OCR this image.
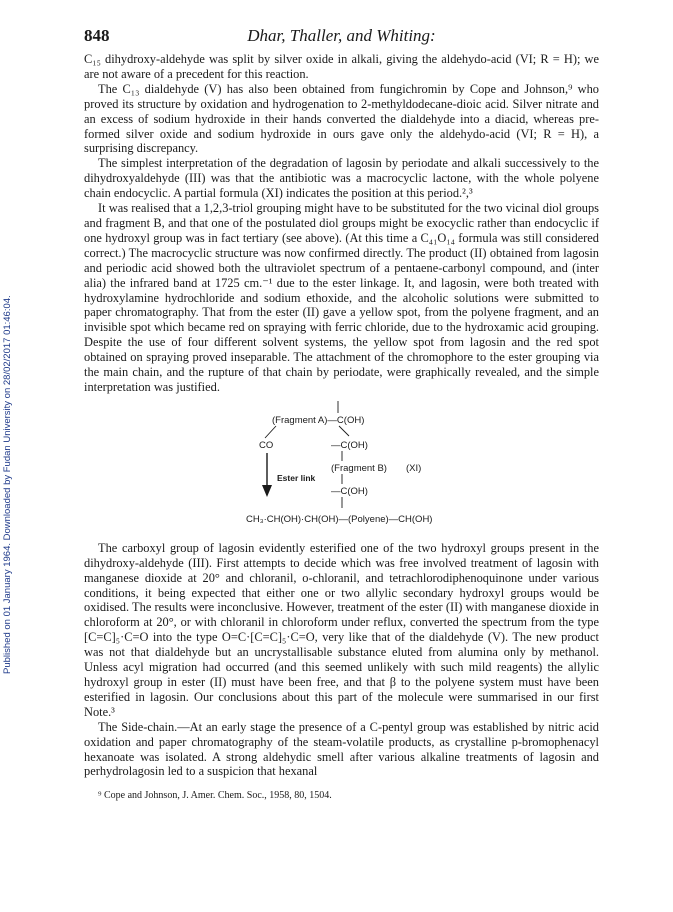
Published on 01 January 1964. Downloaded by Fudan University on 28/02/2017 01:46:04.
848	Dhar, Thaller, and Whiting:

C₁₅ dihydroxy-aldehyde was split by silver oxide in alkali, giving the aldehydo-acid (VI; R = H); we are not aware of a precedent for this reaction.

The C₁₃ dialdehyde (V) has also been obtained from fungichromin by Cope and Johnson,⁹ who proved its structure by oxidation and hydrogenation to 2-methyldodecane-dioic acid. Silver nitrate and an excess of sodium hydroxide in their hands converted the dialdehyde into a diacid, whereas pre-formed silver oxide and sodium hydroxide in ours gave only the aldehydo-acid (VI; R = H), a surprising discrepancy.

The simplest interpretation of the degradation of lagosin by periodate and alkali successively to the dihydroxyaldehyde (III) was that the antibiotic was a macrocyclic lactone, with the whole polyene chain endocyclic. A partial formula (XI) indicates the position at this period.²,³

It was realised that a 1,2,3-triol grouping might have to be substituted for the two vicinal diol groups and fragment B, and that one of the postulated diol groups might be exocyclic rather than endocyclic if one hydroxyl group was in fact tertiary (see above). (At this time a C₄₁O₁₄ formula was still considered correct.) The macrocyclic structure was now confirmed directly. The product (II) obtained from lagosin and periodic acid showed both the ultraviolet spectrum of a pentaene-carbonyl compound, and (inter alia) the infrared band at 1725 cm.⁻¹ due to the ester linkage. It, and lagosin, were both treated with hydroxylamine hydrochloride and sodium ethoxide, and the alcoholic solutions were submitted to paper chromatography. That from the ester (II) gave a yellow spot, from the polyene fragment, and an invisible spot which became red on spraying with ferric chloride, due to the hydroxamic acid grouping. Despite the use of four different solvent systems, the yellow spot from lagosin and the red spot obtained on spraying proved inseparable. The attachment of the chromophore to the ester grouping via the main chain, and the rupture of that chain by periodate, were graphically revealed, and the simple interpretation was justified.

(Fragment A)—C(OH)
CO	—C(OH)
(Fragment B) (XI)
—C(OH)
Ester link
CH₃·CH(OH)·CH(OH)—(Polyene)—CH(OH)

The carboxyl group of lagosin evidently esterified one of the two hydroxyl groups present in the dihydroxy-aldehyde (III). First attempts to decide which was free involved treatment of lagosin with manganese dioxide at 20° and chloranil, o-chloranil, and tetrachlorodiphenoquinone under various conditions, it being expected that either one or two allylic secondary hydroxyl groups would be oxidised. The results were inconclusive. However, treatment of the ester (II) with manganese dioxide in chloroform at 20°, or with chloranil in chloroform under reflux, converted the spectrum from the type [C=C]₅·C=O into the type O=C·[C=C]₅·C=O, very like that of the dialdehyde (V). The new product was not that dialdehyde but an uncrystallisable substance eluted from alumina only by methanol. Unless acyl migration had occurred (and this seemed unlikely with such mild reagents) the allylic hydroxyl group in ester (II) must have been free, and that β to the polyene system must have been esterified in lagosin. Our conclusions about this part of the molecule were summarised in our first Note.³

The Side-chain.—At an early stage the presence of a C-pentyl group was established by nitric acid oxidation and paper chromatography of the steam-volatile products, as crystalline p-bromophenacyl hexanoate was isolated. A strong aldehydic smell after various alkaline treatments of lagosin and perhydrolagosin led to a suspicion that hexanal

⁹ Cope and Johnson, J. Amer. Chem. Soc., 1958, 80, 1504.
